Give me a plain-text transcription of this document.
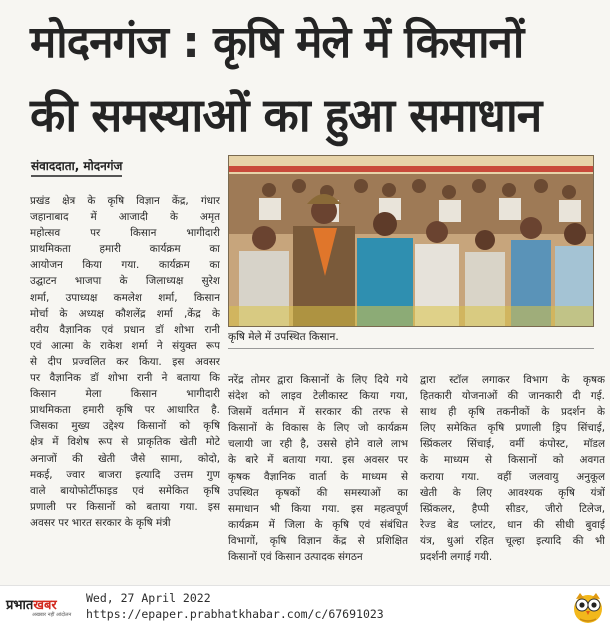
मोदनगंज : कृषि मेले में किसानों
की समस्याओं का हुआ समाधान
संवाददाता, मोदनगंज
प्रखंड क्षेत्र के कृषि विज्ञान केंद्र, गंधार
जहानाबाद में आजादी के अमृत
महोत्सव पर किसान भागीदारी
प्राथमिकता हमारी कार्यक्रम का
आयोजन किया गया. कार्यक्रम का
उद्घाटन भाजपा के जिलाध्यक्ष सुरेश
शर्मा, उपाध्यक्ष कमलेश शर्मा, किसान
मोर्चा के अध्यक्ष कौशलेंद्र शर्मा ,केंद्र के
वरीय वैज्ञानिक एवं प्रधान डॉ शोभा रानी
एवं आत्मा के राकेश शर्मा ने संयुक्त रूप
से दीप प्रज्वलित कर किया. इस अवसर
पर वैज्ञानिक डॉ शोभा रानी ने बताया कि
किसान मेला किसान भागीदारी
प्राथमिकता हमारी कृषि पर आधारित है.
जिसका मुख्य उद्देश्य किसानों को कृषि
क्षेत्र में विशेष रूप से प्राकृतिक खेती मोटे
अनाजों की खेती जैसे सामा, कोदो,
मकई, ज्वार बाजरा इत्यादि उत्तम गुण
वाले बायोफोर्टीफाइड एवं समेकित कृषि
प्रणाली पर किसानों को बताया गया. इस
अवसर पर भारत सरकार के कृषि मंत्री
कृषि मेले में उपस्थित किसान.
नरेंद्र तोमर द्वारा किसानों के लिए दिये गये
संदेश को लाइव टेलीकास्ट किया गया,
जिसमें वर्तमान में सरकार की तरफ से
किसानों के विकास के लिए जो कार्यक्रम
चलायी जा रही है, उससे होने वाले लाभ
के बारे में बताया गया. इस अवसर पर
कृषक वैज्ञानिक वार्ता के माध्यम से
उपस्थित कृषकों की समस्याओं का
समाधान भी किया गया. इस महत्वपूर्ण
कार्यक्रम में जिला के कृषि एवं संबंधित
विभागों, कृषि विज्ञान केंद्र से प्रशिक्षित
किसानों एवं किसान उत्पादक संगठन
द्वारा स्टॉल लगाकर विभाग के कृषक
हितकारी योजनाओं की जानकारी दी गई.
साथ ही कृषि तकनीकों के प्रदर्शन के
लिए समेकित कृषि प्रणाली ड्रिप सिंचाई,
स्प्रिंकलर सिंचाई, वर्मी कंपोस्ट, मॉडल
के माध्यम से किसानों को अवगत
कराया गया. वहीं जलवायु अनुकूल
खेती के लिए आवश्यक कृषि यंत्रों
स्प्रिंकलर, हैप्पी सीडर, जीरो टिलेज,
रेज्ड बेड प्लांटर, धान की सीधी बुवाई
यंत्र, धुआं रहित चूल्हा इत्यादि की भी
प्रदर्शनी लगाई गयी.
प्रभातखबर
अखबार नहीं आंदोलन
Wed, 27 April 2022
https://epaper.prabhatkhabar.com/c/67691023
